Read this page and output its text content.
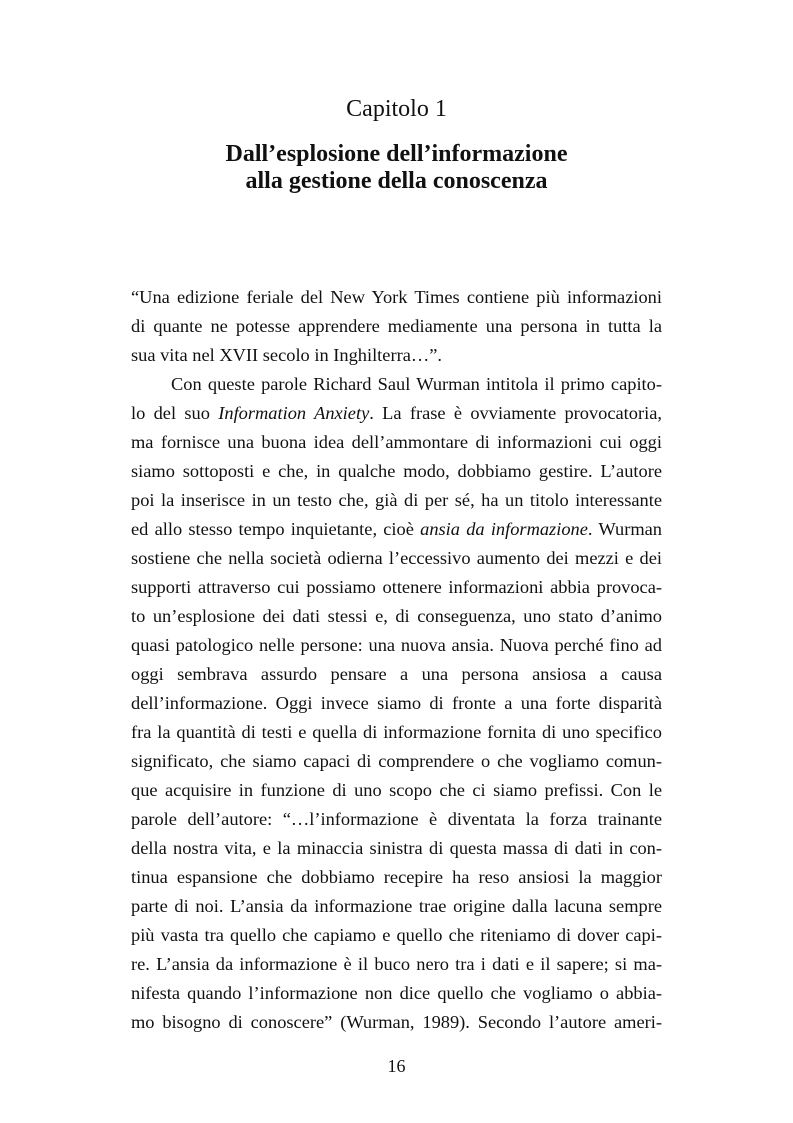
Capitolo 1
Dall’esplosione dell’informazione
alla gestione della conoscenza
“Una edizione feriale del New York Times contiene più informazioni
di quante ne potesse apprendere mediamente una persona in tutta la
sua vita nel XVII secolo in Inghilterra…”.
Con queste parole Richard Saul Wurman intitola il primo capito-
lo del suo Information Anxiety. La frase è ovviamente provocatoria,
ma fornisce una buona idea dell’ammontare di informazioni cui oggi
siamo sottoposti e che, in qualche modo, dobbiamo gestire. L’autore
poi la inserisce in un testo che, già di per sé, ha un titolo interessante
ed allo stesso tempo inquietante, cioè ansia da informazione. Wurman
sostiene che nella società odierna l’eccessivo aumento dei mezzi e dei
supporti attraverso cui possiamo ottenere informazioni abbia provoca-
to un’esplosione dei dati stessi e, di conseguenza, uno stato d’animo
quasi patologico nelle persone: una nuova ansia. Nuova perché fino ad
oggi sembrava assurdo pensare a una persona ansiosa a causa
dell’informazione. Oggi invece siamo di fronte a una forte disparità
fra la quantità di testi e quella di informazione fornita di uno specifico
significato, che siamo capaci di comprendere o che vogliamo comun-
que acquisire in funzione di uno scopo che ci siamo prefissi. Con le
parole dell’autore: “…l’informazione è diventata la forza trainante
della nostra vita, e la minaccia sinistra di questa massa di dati in con-
tinua espansione che dobbiamo recepire ha reso ansiosi la maggior
parte di noi. L’ansia da informazione trae origine dalla lacuna sempre
più vasta tra quello che capiamo e quello che riteniamo di dover capi-
re. L’ansia da informazione è il buco nero tra i dati e il sapere; si ma-
nifesta quando l’informazione non dice quello che vogliamo o abbia-
mo bisogno di conoscere” (Wurman, 1989). Secondo l’autore ameri-
16
